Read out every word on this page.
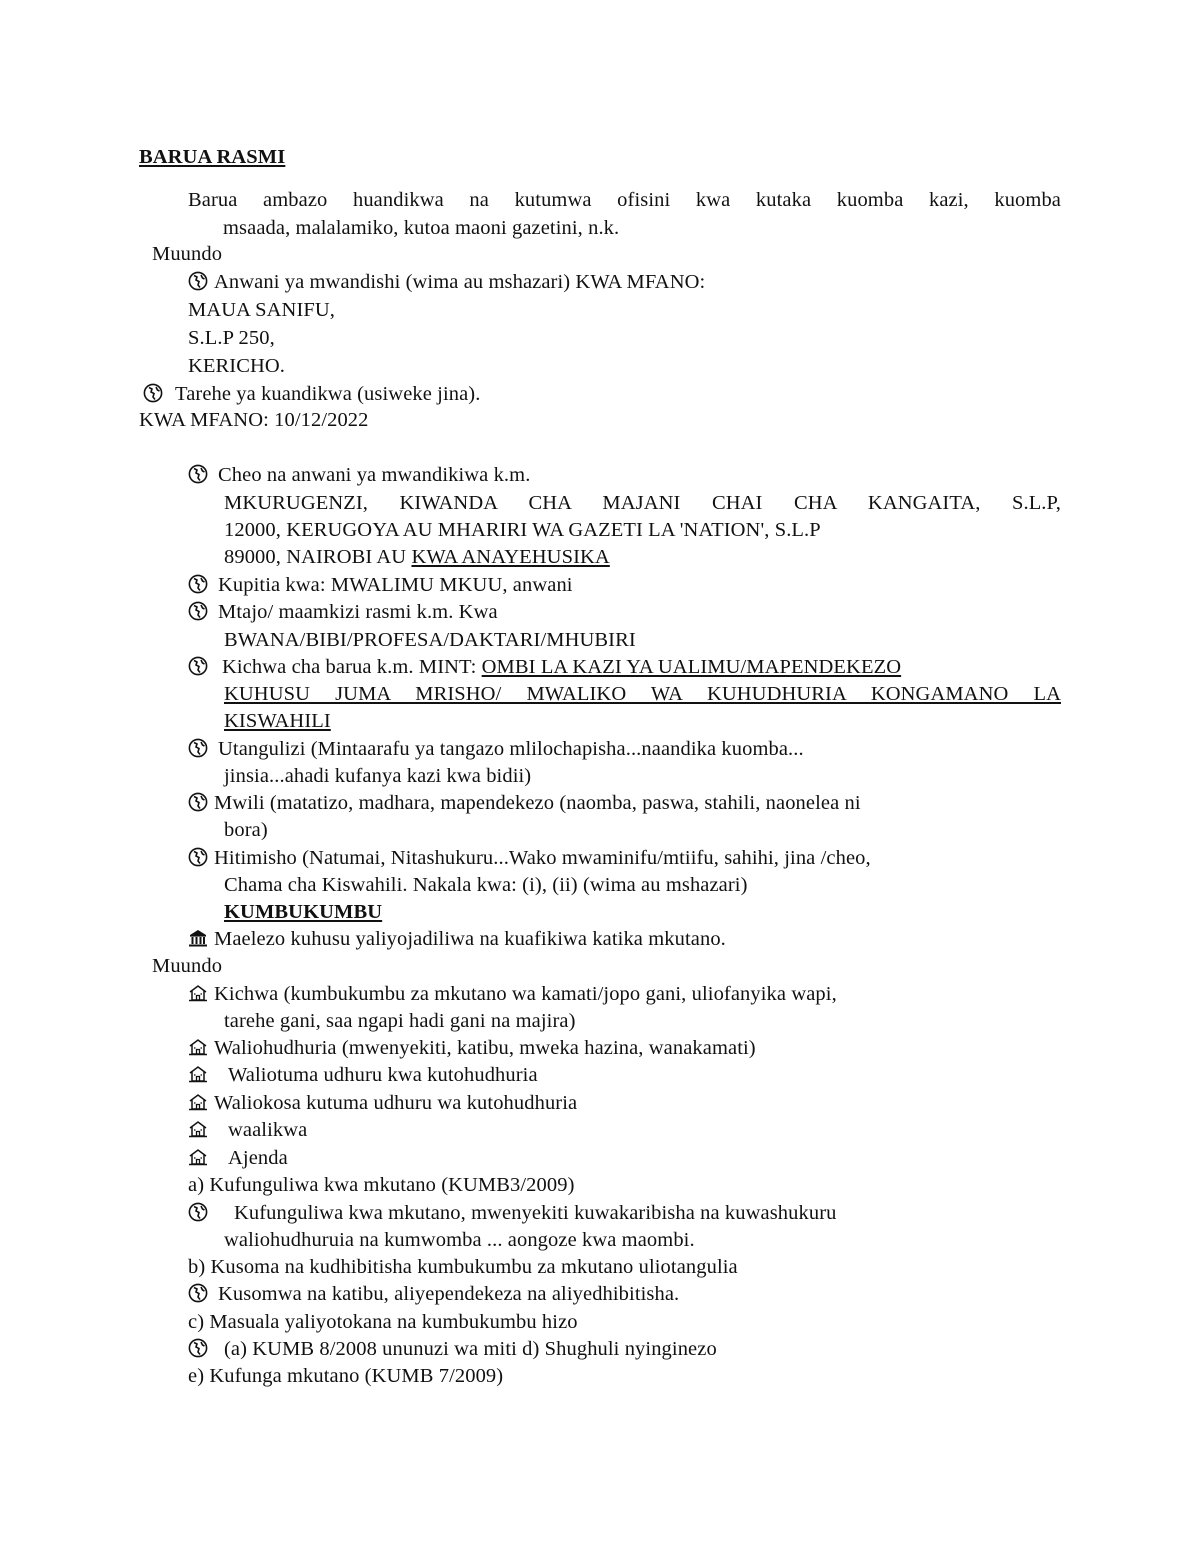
BARUA RASMI
Barua ambazo huandikwa na kutumwa ofisini kwa kutaka kuomba kazi, kuomba
msaada, malalamiko, kutoa maoni gazetini, n.k.
Muundo
Anwani ya mwandishi (wima au mshazari) KWA MFANO:
MAUA SANIFU,
S.L.P 250,
KERICHO.
Tarehe ya kuandikwa (usiweke jina).
KWA MFANO: 10/12/2022
Cheo na anwani ya mwandikiwa k.m.
MKURUGENZI, KIWANDA CHA MAJANI CHAI CHA KANGAITA, S.L.P,
12000, KERUGOYA AU MHARIRI WA GAZETI LA 'NATION', S.L.P
89000, NAIROBI AU KWA ANAYEHUSIKA
Kupitia kwa: MWALIMU MKUU, anwani
Mtajo/ maamkizi rasmi k.m. Kwa
BWANA/BIBI/PROFESA/DAKTARI/MHUBIRI
Kichwa cha barua k.m. MINT: OMBI LA KAZI YA UALIMU/MAPENDEKEZO
KUHUSU JUMA MRISHO/ MWALIKO WA KUHUDHURIA KONGAMANO LA
KISWAHILI
Utangulizi (Mintaarafu ya tangazo mlilochapisha...naandika kuomba...
jinsia...ahadi kufanya kazi kwa bidii)
Mwili (matatizo, madhara, mapendekezo (naomba, paswa, stahili, naonelea ni
bora)
Hitimisho (Natumai, Nitashukuru...Wako mwaminifu/mtiifu, sahihi, jina /cheo,
Chama cha Kiswahili. Nakala kwa: (i), (ii) (wima au mshazari)
KUMBUKUMBU
Maelezo kuhusu yaliyojadiliwa na kuafikiwa katika mkutano.
Muundo
Kichwa (kumbukumbu za mkutano wa kamati/jopo gani, uliofanyika wapi,
tarehe gani, saa ngapi hadi gani na majira)
Waliohudhuria (mwenyekiti, katibu, mweka hazina, wanakamati)
Waliotuma udhuru kwa kutohudhuria
Waliokosa kutuma udhuru wa kutohudhuria
waalikwa
Ajenda
a) Kufunguliwa kwa mkutano (KUMB3/2009)
Kufunguliwa kwa mkutano, mwenyekiti kuwakaribisha na kuwashukuru
waliohudhuruia na kumwomba ... aongoze kwa maombi.
b) Kusoma na kudhibitisha kumbukumbu za mkutano uliotangulia
Kusomwa na katibu, aliyependekeza na aliyedhibitisha.
c) Masuala yaliyotokana na kumbukumbu hizo
(a) KUMB 8/2008 ununuzi wa miti d) Shughuli nyinginezo
e) Kufunga mkutano (KUMB 7/2009)
